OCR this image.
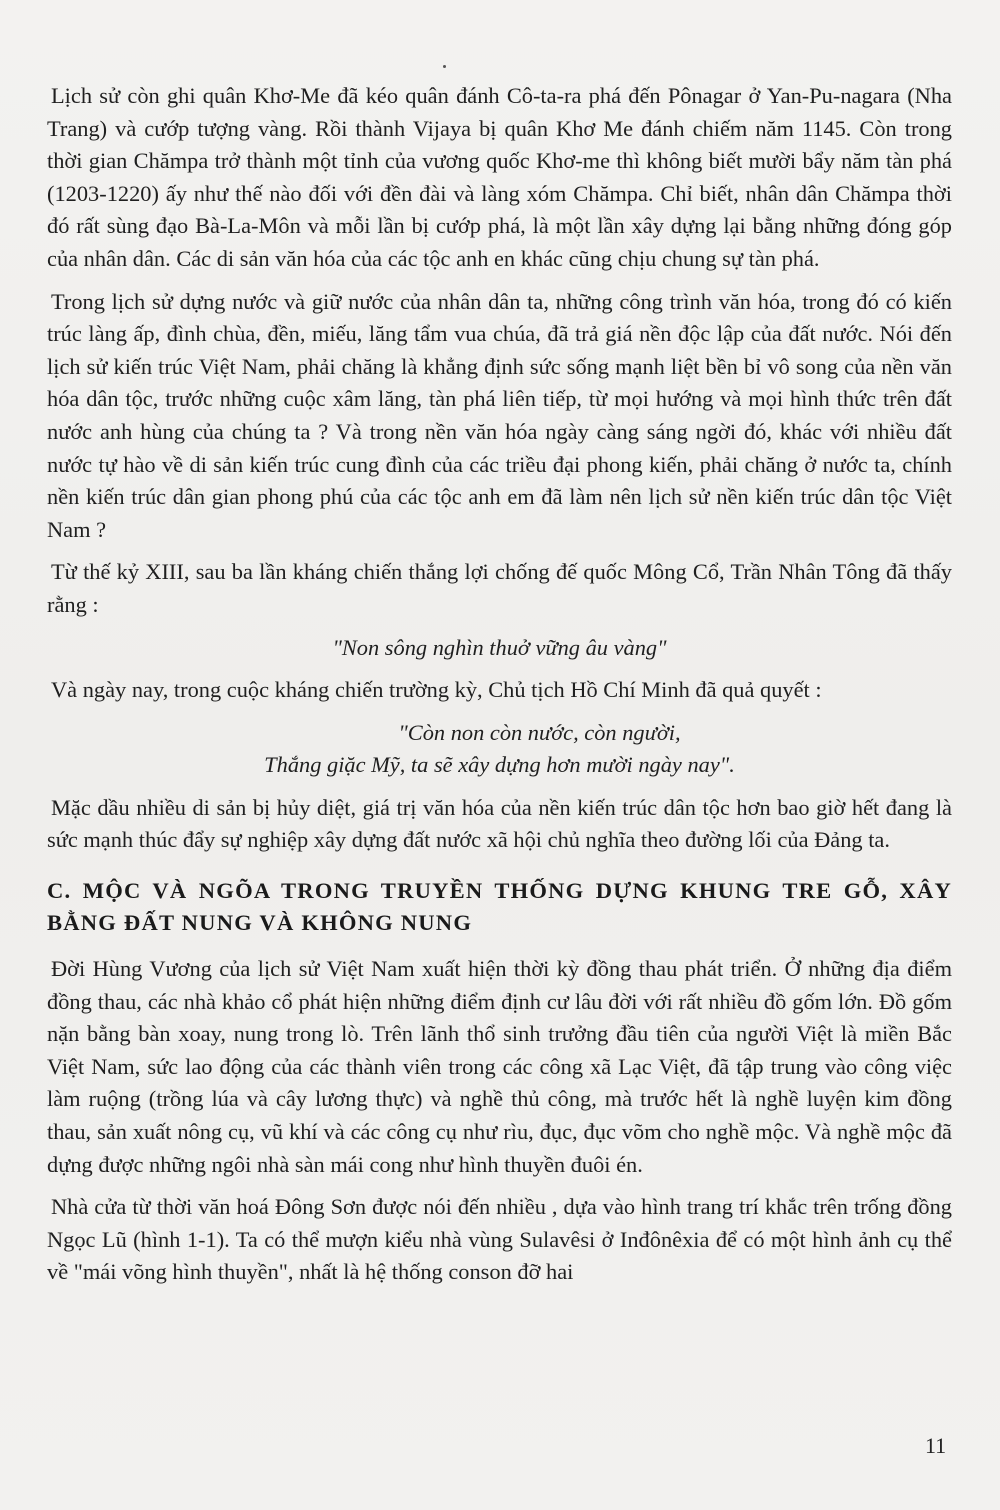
Lịch sử còn ghi quân Khơ-Me đã kéo quân đánh Cô-ta-ra phá đến Pônagar ở Yan-Pu-nagara (Nha Trang) và cướp tượng vàng. Rồi thành Vijaya bị quân Khơ Me đánh chiếm năm 1145. Còn trong thời gian Chămpa trở thành một tỉnh của vương quốc Khơ-me thì không biết mười bẩy năm tàn phá (1203-1220) ấy như thế nào đối với đền đài và làng xóm Chămpa. Chỉ biết, nhân dân Chămpa thời đó rất sùng đạo Bà-La-Môn và mỗi lần bị cướp phá, là một lần xây dựng lại bằng những đóng góp của nhân dân. Các di sản văn hóa của các tộc anh en khác cũng chịu chung sự tàn phá.

Trong lịch sử dựng nước và giữ nước của nhân dân ta, những công trình văn hóa, trong đó có kiến trúc làng ấp, đình chùa, đền, miếu, lăng tẩm vua chúa, đã trả giá nền độc lập của đất nước. Nói đến lịch sử kiến trúc Việt Nam, phải chăng là khẳng định sức sống mạnh liệt bền bỉ vô song của nền văn hóa dân tộc, trước những cuộc xâm lăng, tàn phá liên tiếp, từ mọi hướng và mọi hình thức trên đất nước anh hùng của chúng ta ? Và trong nền văn hóa ngày càng sáng ngời đó, khác với nhiều đất nước tự hào về di sản kiến trúc cung đình của các triều đại phong kiến, phải chăng ở nước ta, chính nền kiến trúc dân gian phong phú của các tộc anh em đã làm nên lịch sử nền kiến trúc dân tộc Việt Nam ?

Từ thế kỷ XIII, sau ba lần kháng chiến thắng lợi chống đế quốc Mông Cổ, Trần Nhân Tông đã thấy rằng :

"Non sông nghìn thuở vững âu vàng"

Và ngày nay, trong cuộc kháng chiến trường kỳ, Chủ tịch Hồ Chí Minh đã quả quyết :

"Còn non còn nước, còn người,
Thắng giặc Mỹ, ta sẽ xây dựng hơn mười ngày nay".

Mặc dầu nhiều di sản bị hủy diệt, giá trị văn hóa của nền kiến trúc dân tộc hơn bao giờ hết đang là sức mạnh thúc đẩy sự nghiệp xây dựng đất nước xã hội chủ nghĩa theo đường lối của Đảng ta.

C. MỘC VÀ NGÕA TRONG TRUYỀN THỐNG DỰNG KHUNG TRE GỖ, XÂY BẰNG ĐẤT NUNG VÀ KHÔNG NUNG

Đời Hùng Vương của lịch sử Việt Nam xuất hiện thời kỳ đồng thau phát triển. Ở những địa điểm đồng thau, các nhà khảo cổ phát hiện những điểm định cư lâu đời với rất nhiều đồ gốm lớn. Đồ gốm nặn bằng bàn xoay, nung trong lò. Trên lãnh thổ sinh trưởng đầu tiên của người Việt là miền Bắc Việt Nam, sức lao động của các thành viên trong các công xã Lạc Việt, đã tập trung vào công việc làm ruộng (trồng lúa và cây lương thực) và nghề thủ công, mà trước hết là nghề luyện kim đồng thau, sản xuất nông cụ, vũ khí và các công cụ như rìu, đục, đục võm cho nghề mộc. Và nghề mộc đã dựng được những ngôi nhà sàn mái cong như hình thuyền đuôi én.

Nhà cửa từ thời văn hoá Đông Sơn được nói đến nhiều , dựa vào hình trang trí khắc trên trống đồng Ngọc Lũ (hình 1-1). Ta có thể mượn kiểu nhà vùng Sulavêsi ở Inđônêxia để có một hình ảnh cụ thể về "mái võng hình thuyền", nhất là hệ thống conson đỡ hai

11
